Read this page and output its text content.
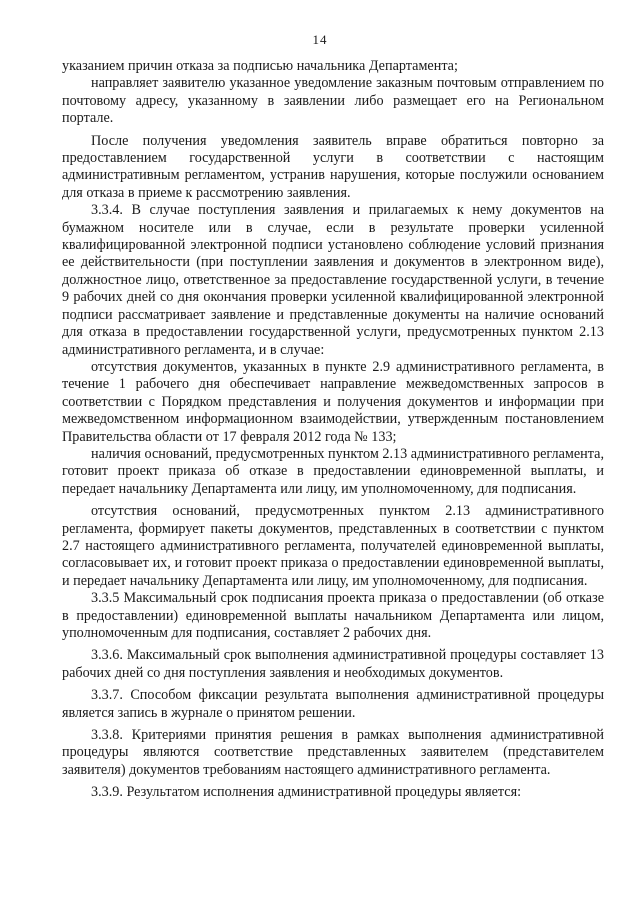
14

указанием причин отказа за подписью начальника Департамента;

направляет заявителю указанное уведомление заказным почтовым отправлением по почтовому адресу, указанному в заявлении либо размещает его на Региональном портале.

После получения уведомления заявитель вправе обратиться повторно за предоставлением государственной услуги в соответствии с настоящим административным регламентом, устранив нарушения, которые послужили основанием для отказа в приеме к рассмотрению заявления.

3.3.4. В случае поступления заявления и прилагаемых к нему документов на бумажном носителе или в случае, если в результате проверки усиленной квалифицированной электронной подписи установлено соблюдение условий признания ее действительности (при поступлении заявления и документов в электронном виде), должностное лицо, ответственное за предоставление государственной услуги, в течение 9 рабочих дней со дня окончания проверки усиленной квалифицированной электронной подписи рассматривает заявление и представленные документы на наличие оснований для отказа в предоставлении государственной услуги, предусмотренных пунктом 2.13 административного регламента, и в случае:

отсутствия документов, указанных в пункте 2.9 административного регламента, в течение 1 рабочего дня обеспечивает направление межведомственных запросов в соответствии с Порядком представления и получения документов и информации при межведомственном информационном взаимодействии, утвержденным постановлением Правительства области от 17 февраля 2012 года № 133;

наличия оснований, предусмотренных пунктом 2.13 административного регламента, готовит проект приказа об отказе в предоставлении единовременной выплаты, и передает начальнику Департамента или лицу, им уполномоченному, для подписания.

отсутствия оснований, предусмотренных пунктом 2.13 административного регламента, формирует пакеты документов, представленных в соответствии с пунктом 2.7 настоящего административного регламента, получателей единовременной выплаты, согласовывает их, и готовит проект приказа о предоставлении единовременной выплаты, и передает начальнику Департамента или лицу, им уполномоченному, для подписания.

3.3.5 Максимальный срок подписания проекта приказа о предоставлении (об отказе в предоставлении) единовременной выплаты начальником Департамента или лицом, уполномоченным для подписания, составляет 2 рабочих дня.

3.3.6. Максимальный срок выполнения административной процедуры составляет 13 рабочих дней со дня поступления заявления и необходимых документов.

3.3.7. Способом фиксации результата выполнения административной процедуры является запись в журнале о принятом решении.

3.3.8. Критериями принятия решения в рамках выполнения административной процедуры являются соответствие представленных заявителем (представителем заявителя) документов требованиям настоящего административного регламента.

3.3.9. Результатом исполнения административной процедуры является:
